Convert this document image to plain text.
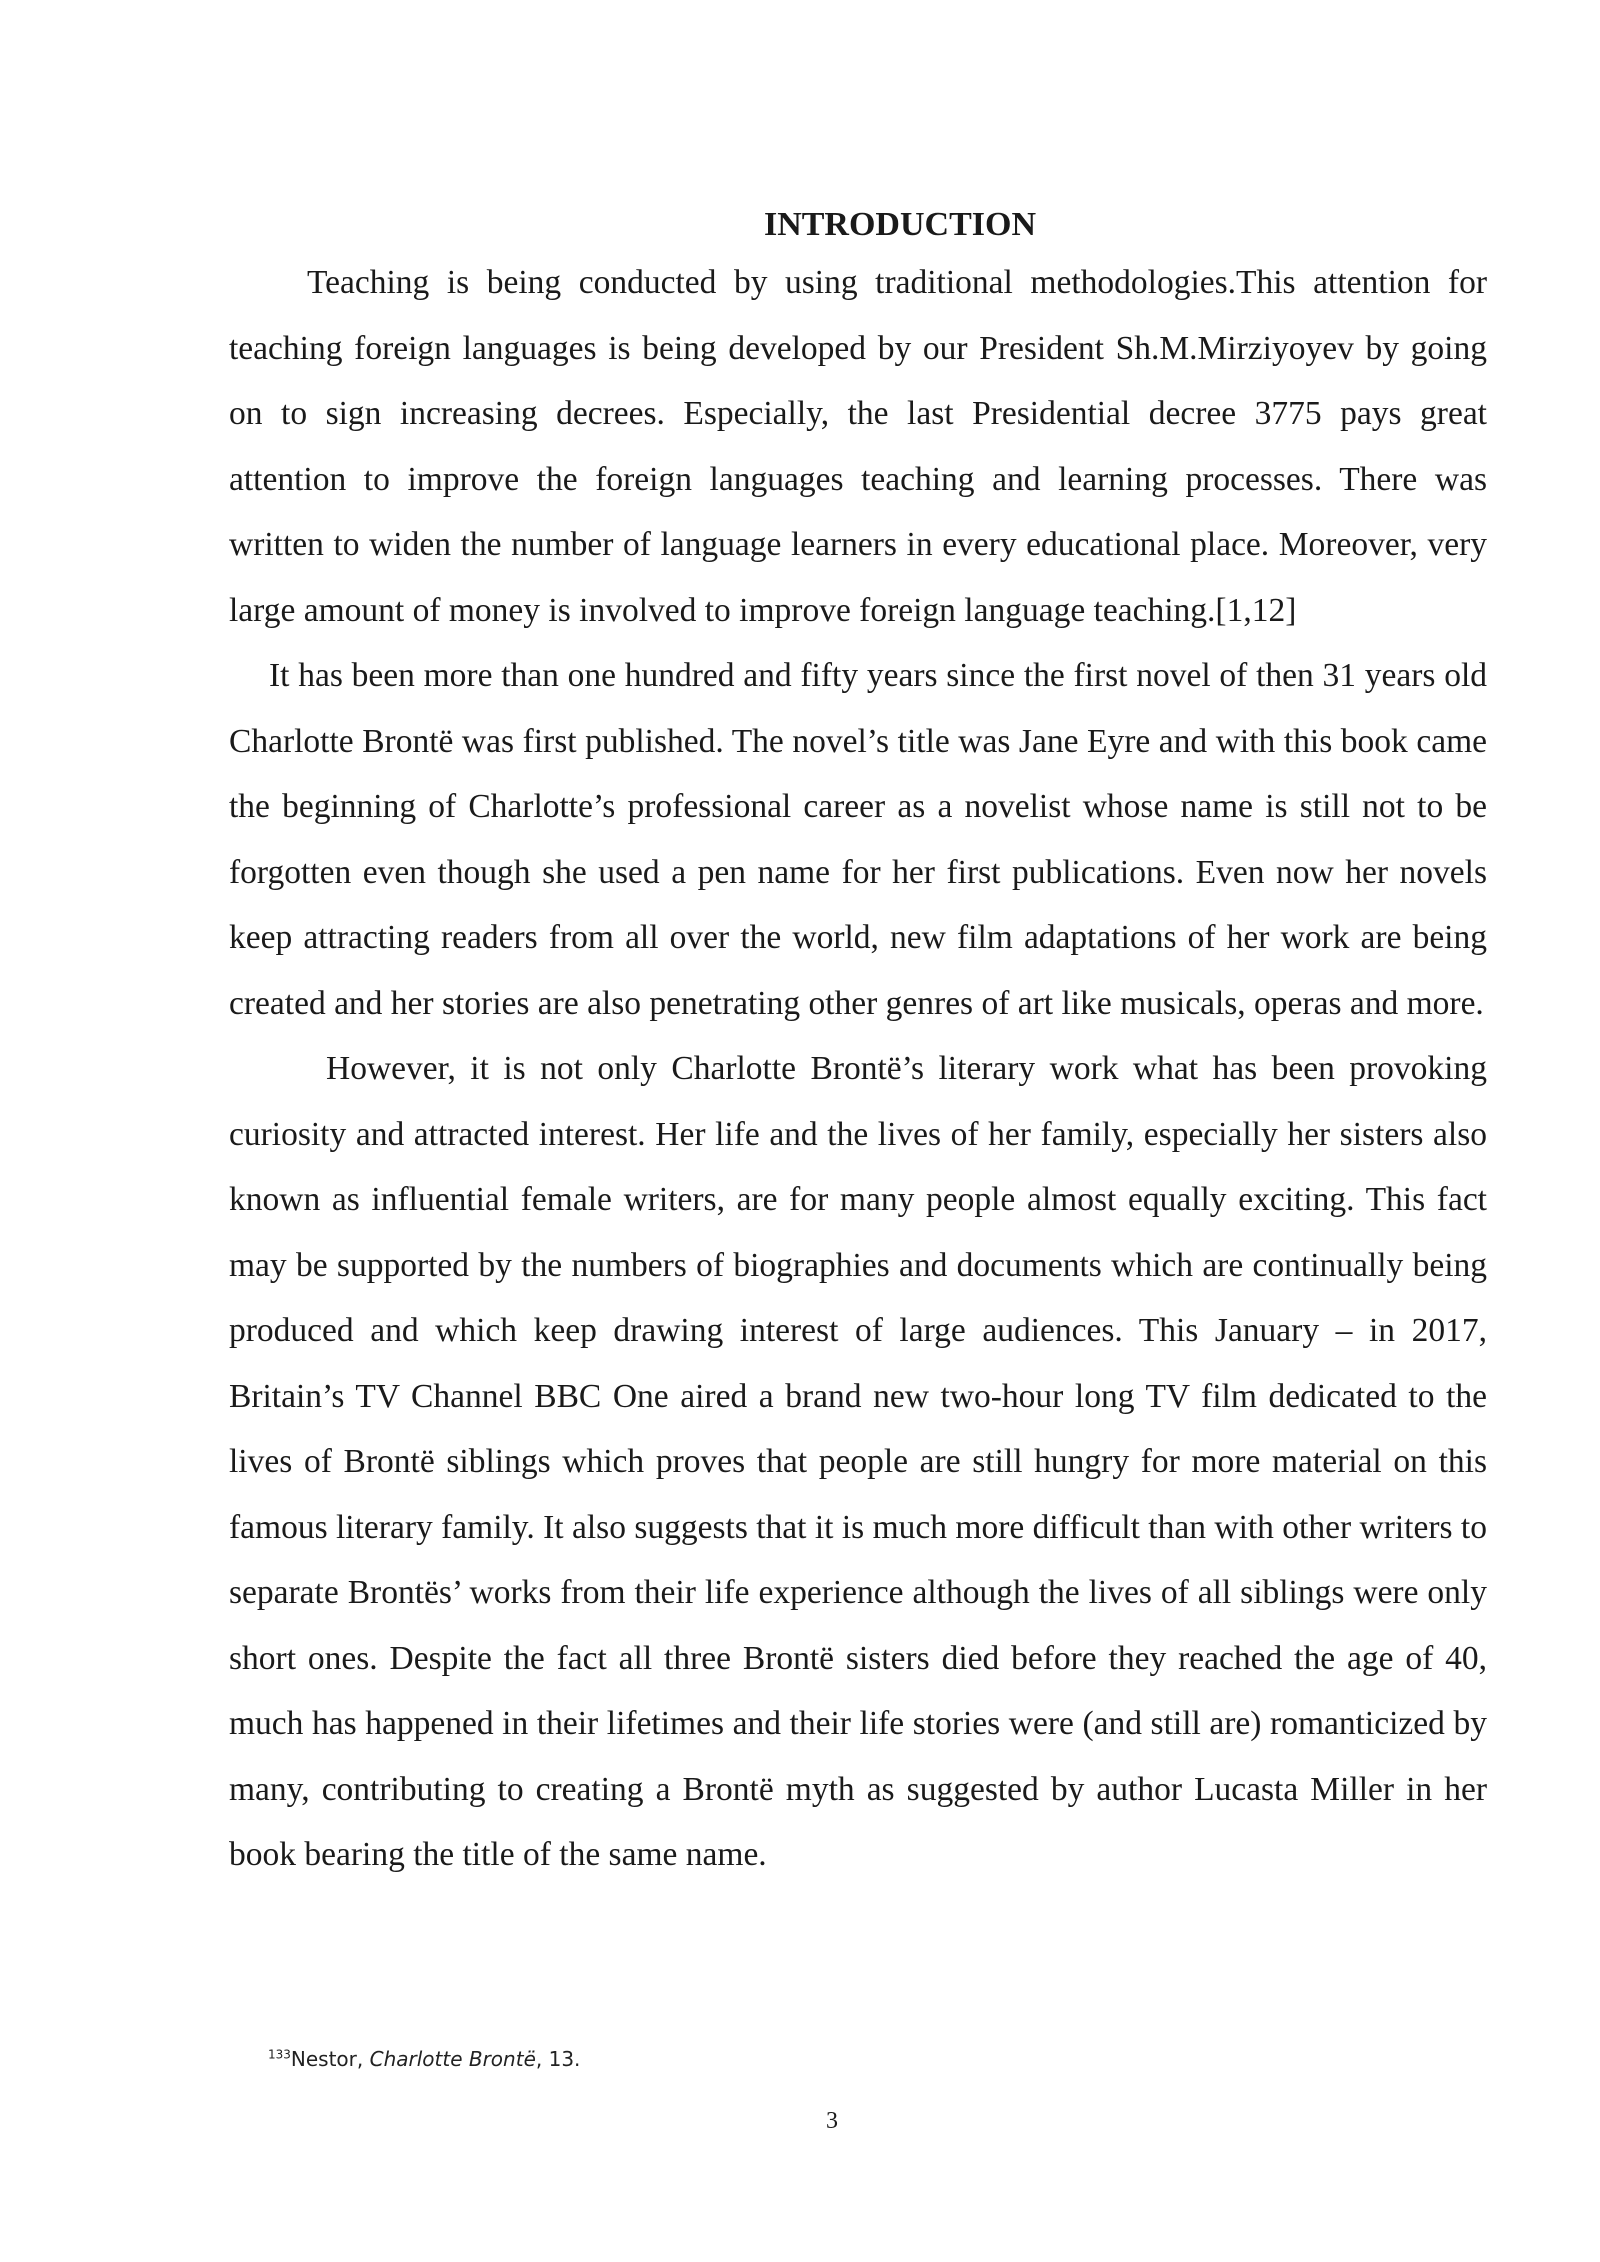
INTRODUCTION

Teaching is being conducted by using traditional methodologies.This attention for teaching foreign languages is being developed by our President Sh.M.Mirziyoyev by going on to sign increasing decrees. Especially, the last Presidential decree 3775 pays great attention to improve the foreign languages teaching and learning processes. There was written to widen the number of language learners in every educational place. Moreover, very large amount of money is involved to improve foreign language teaching.[1,12]

It has been more than one hundred and fifty years since the first novel of then 31 years old Charlotte Brontë was first published. The novel’s title was Jane Eyre and with this book came the beginning of Charlotte’s professional career as a novelist whose name is still not to be forgotten even though she used a pen name for her first publications. Even now her novels keep attracting readers from all over the world, new film adaptations of her work are being created and her stories are also penetrating other genres of art like musicals, operas and more.

However, it is not only Charlotte Brontë’s literary work what has been provoking curiosity and attracted interest. Her life and the lives of her family, especially her sisters also known as influential female writers, are for many people almost equally exciting. This fact may be supported by the numbers of biographies and documents which are continually being produced and which keep drawing interest of large audiences. This January – in 2017, Britain’s TV Channel BBC One aired a brand new two-hour long TV film dedicated to the lives of Brontë siblings which proves that people are still hungry for more material on this famous literary family. It also suggests that it is much more difficult than with other writers to separate Brontës’ works from their life experience although the lives of all siblings were only short ones. Despite the fact all three Brontë sisters died before they reached the age of 40, much has happened in their lifetimes and their life stories were (and still are) romanticized by many, contributing to creating a Brontë myth as suggested by author Lucasta Miller in her book bearing the title of the same name.

$^{133}$Nestor, Charlotte Brontë, 13.
3
